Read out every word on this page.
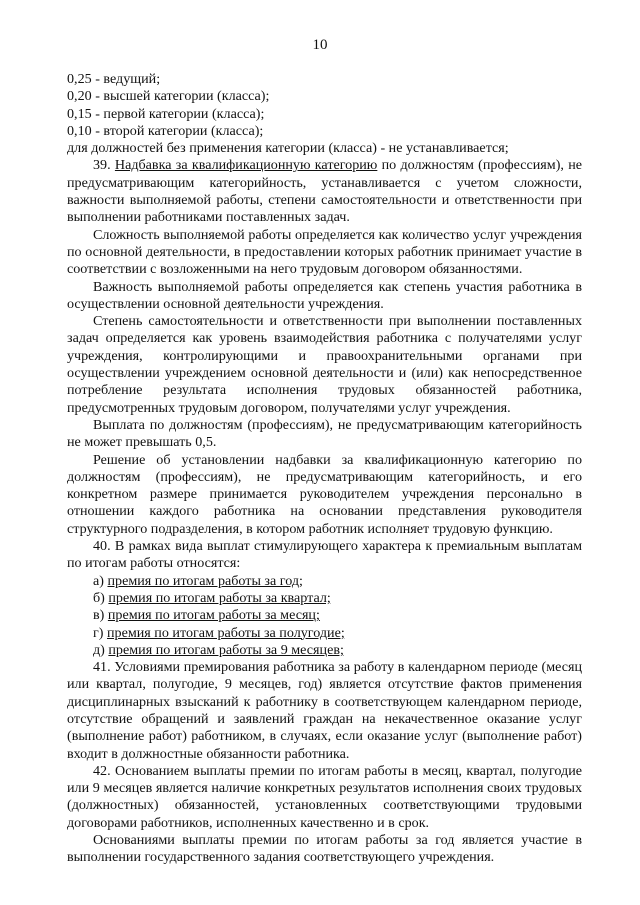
10

0,25 - ведущий;

0,20 - высшей категории (класса);

0,15 - первой категории (класса);

0,10 - второй категории (класса);

для должностей без применения категории (класса) - не устанавливается;

39. Надбавка за квалификационную категорию по должностям (профессиям), не предусматривающим категорийность, устанавливается с учетом сложности, важности выполняемой работы, степени самостоятельности и ответственности при выполнении работниками поставленных задач.

Сложность выполняемой работы определяется как количество услуг учреждения по основной деятельности, в предоставлении которых работник принимает участие в соответствии с возложенными на него трудовым договором обязанностями.

Важность выполняемой работы определяется как степень участия работника в осуществлении основной деятельности учреждения.

Степень самостоятельности и ответственности при выполнении поставленных задач определяется как уровень взаимодействия работника с получателями услуг учреждения, контролирующими и правоохранительными органами при осуществлении учреждением основной деятельности и (или) как непосредственное потребление результата исполнения трудовых обязанностей работника, предусмотренных трудовым договором, получателями услуг учреждения.

Выплата по должностям (профессиям), не предусматривающим категорийность не может превышать 0,5.

Решение об установлении надбавки за квалификационную категорию по должностям (профессиям), не предусматривающим категорийность, и его конкретном размере принимается руководителем учреждения персонально в отношении каждого работника на основании представления руководителя структурного подразделения, в котором работник исполняет трудовую функцию.

40. В рамках вида выплат стимулирующего характера к премиальным выплатам по итогам работы относятся:

а) премия по итогам работы за год;

б) премия по итогам работы за квартал;

в) премия по итогам работы за месяц;

г) премия по итогам работы за полугодие;

д) премия по итогам работы за 9 месяцев;

41. Условиями премирования работника за работу в календарном периоде (месяц или квартал, полугодие, 9 месяцев, год) является отсутствие фактов применения дисциплинарных взысканий к работнику в соответствующем календарном периоде, отсутствие обращений и заявлений граждан на некачественное оказание услуг (выполнение работ) работником, в случаях, если оказание услуг (выполнение работ) входит в должностные обязанности работника.

42. Основанием выплаты премии по итогам работы в месяц, квартал, полугодие или 9 месяцев является наличие конкретных результатов исполнения своих трудовых (должностных) обязанностей, установленных соответствующими трудовыми договорами работников, исполненных качественно и в срок.

Основаниями выплаты премии по итогам работы за год является участие в выполнении государственного задания соответствующего учреждения.
